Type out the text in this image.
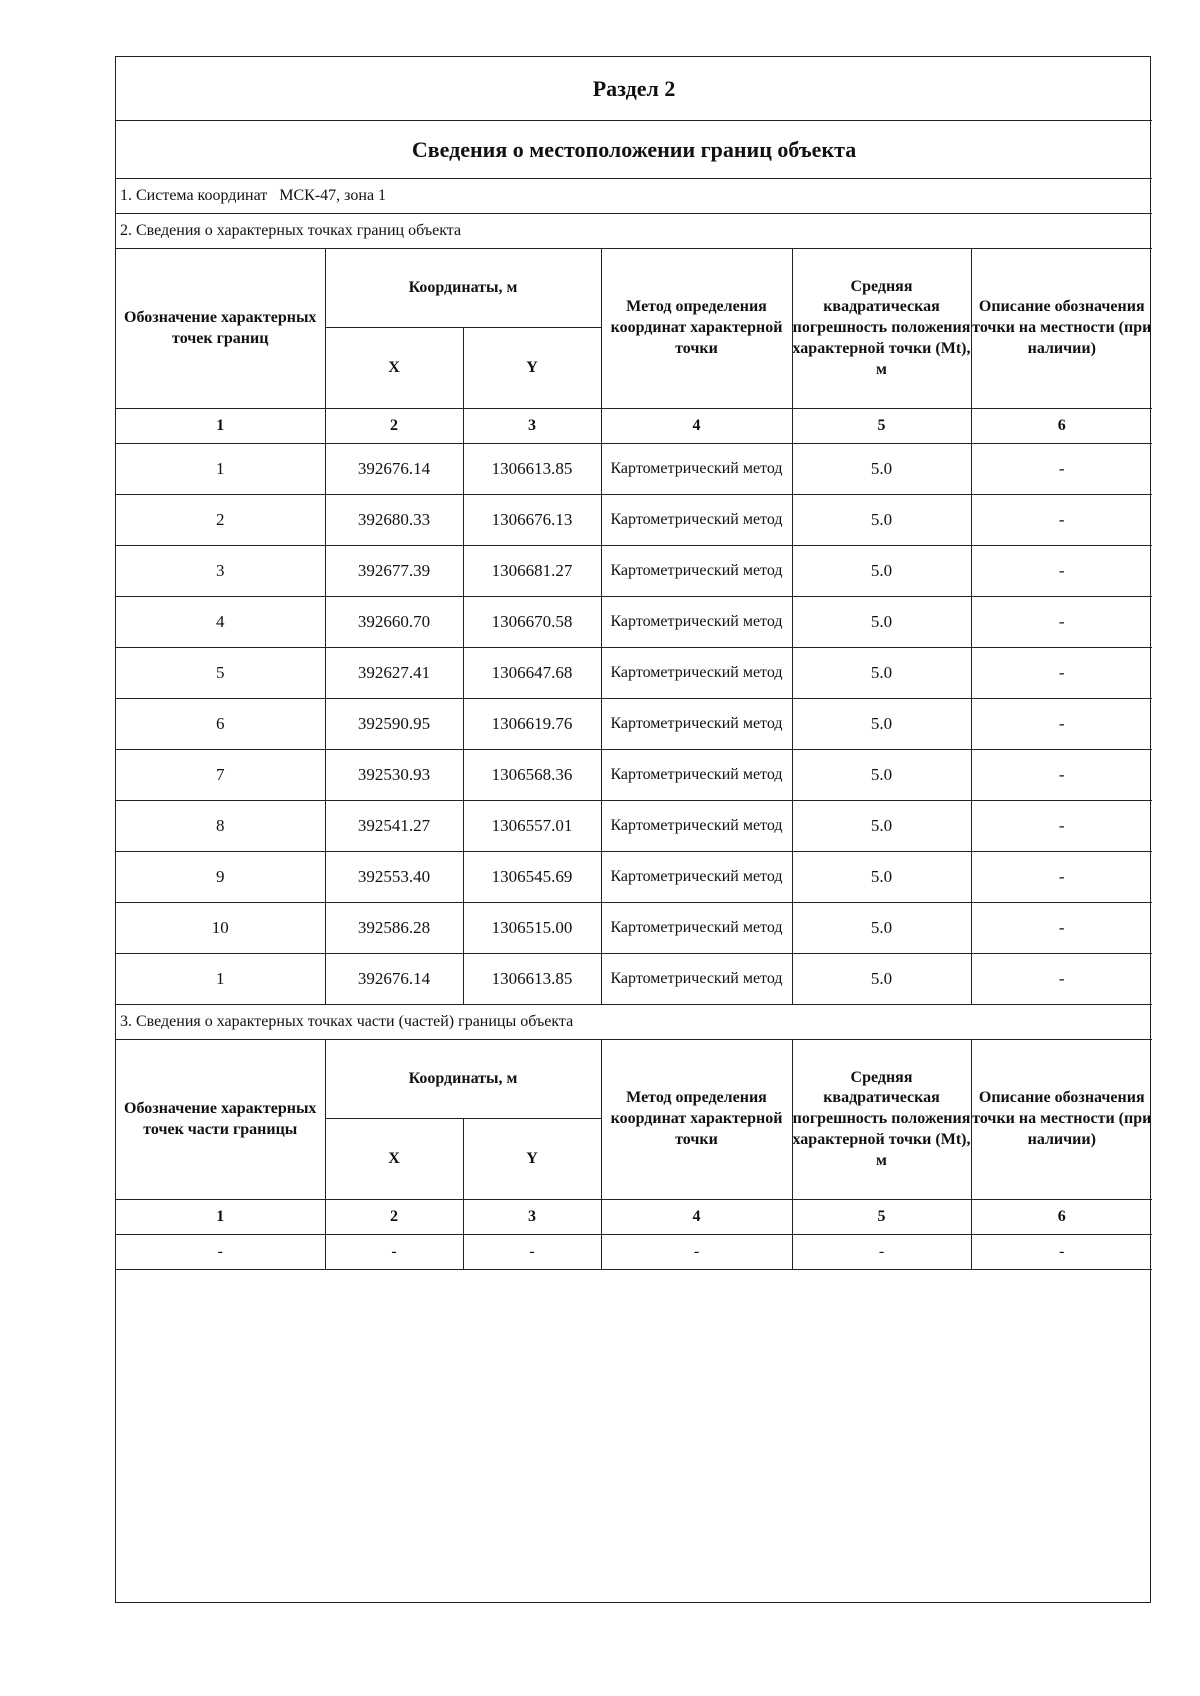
Раздел 2					
Сведения о местоположении границ объекта					
1. Система координат МСК-47, зона 1					
2. Сведения о характерных точках границ объекта					
Обозначение характерных точек границ	Координаты, м		Метод определения координат характерной точки	Средняя квадратическая погрешность положения характерной точки (Mt), м	Описание обозначения точки на местности (при наличии)
	X	Y			
1	2	3	4	5	6
1	392676.14	1306613.85	Картометрический метод	5.0	-
2	392680.33	1306676.13	Картометрический метод	5.0	-
3	392677.39	1306681.27	Картометрический метод	5.0	-
4	392660.70	1306670.58	Картометрический метод	5.0	-
5	392627.41	1306647.68	Картометрический метод	5.0	-
6	392590.95	1306619.76	Картометрический метод	5.0	-
7	392530.93	1306568.36	Картометрический метод	5.0	-
8	392541.27	1306557.01	Картометрический метод	5.0	-
9	392553.40	1306545.69	Картометрический метод	5.0	-
10	392586.28	1306515.00	Картометрический метод	5.0	-
1	392676.14	1306613.85	Картометрический метод	5.0	-
3. Сведения о характерных точках части (частей) границы объекта					
Обозначение характерных точек части границы	Координаты, м		Метод определения координат характерной точки	Средняя квадратическая погрешность положения характерной точки (Mt), м	Описание обозначения точки на местности (при наличии)
	X	Y			
1	2	3	4	5	6
-	-	-	-	-	-
